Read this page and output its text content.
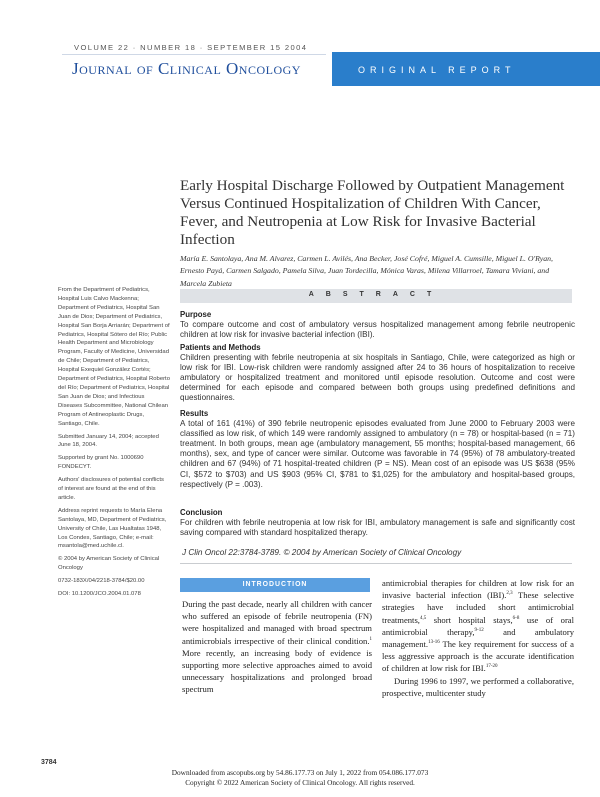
VOLUME 22 · NUMBER 18 · SEPTEMBER 15 2004
Journal of Clinical Oncology	ORIGINAL REPORT
Early Hospital Discharge Followed by Outpatient Management Versus Continued Hospitalization of Children With Cancer, Fever, and Neutropenia at Low Risk for Invasive Bacterial Infection
María E. Santolaya, Ana M. Alvarez, Carmen L. Avilés, Ana Becker, José Cofré, Miguel A. Cumsille, Miguel L. O'Ryan, Ernesto Payá, Carmen Salgado, Pamela Silva, Juan Tordecilla, Mónica Varas, Milena Villarroel, Tamara Viviani, and Marcela Zubieta
ABSTRACT
Purpose

To compare outcome and cost of ambulatory versus hospitalized management among febrile neutropenic children at low risk for invasive bacterial infection (IBI).

Patients and Methods

Children presenting with febrile neutropenia at six hospitals in Santiago, Chile, were categorized as high or low risk for IBI. Low-risk children were randomly assigned after 24 to 36 hours of hospitalization to receive ambulatory or hospitalized treatment and monitored until episode resolution. Outcome and cost were determined for each episode and compared between both groups using predefined definitions and questionnaires.

Results

A total of 161 (41%) of 390 febrile neutropenic episodes evaluated from June 2000 to February 2003 were classified as low risk, of which 149 were randomly assigned to ambulatory (n = 78) or hospital-based (n = 71) treatment. In both groups, mean age (ambulatory management, 55 months; hospital-based management, 66 months), sex, and type of cancer were similar. Outcome was favorable in 74 (95%) of 78 ambulatory-treated children and 67 (94%) of 71 hospital-treated children (P = NS). Mean cost of an episode was US $638 (95% CI, $572 to $703) and US $903 (95% CI, $781 to $1,025) for the ambulatory and hospital-based groups, respectively (P = .003).

Conclusion

For children with febrile neutropenia at low risk for IBI, ambulatory management is safe and significantly cost saving compared with standard hospitalized therapy.

J Clin Oncol 22:3784-3789. © 2004 by American Society of Clinical Oncology

From the Department of Pediatrics, Hospital Luis Calvo Mackenna; Department of Pediatrics, Hospital San Juan de Dios; Department of Pediatrics, Hospital San Borja Arriarán; Department of Pediatrics, Hospital Sótero del Río; Public Health Department and Microbiology Program, Faculty of Medicine, Universidad de Chile; Department of Pediatrics, Hospital Exequiel González Cortés; Department of Pediatrics, Hospital Roberto del Río; Department of Pediatrics, Hospital San Juan de Dios; and Infectious Diseases Subcommittee, National Chilean Program of Antineoplastic Drugs, Santiago, Chile.

Submitted January 14, 2004; accepted June 18, 2004.

Supported by grant No. 1000690 FONDECYT.

Authors' disclosures of potential conflicts of interest are found at the end of this article.

Address reprint requests to María Elena Santolaya, MD, Department of Pediatrics, University of Chile, Las Hualtatas 1948, Los Condes, Santiago, Chile; e-mail: msantola@med.uchile.cl.

© 2004 by American Society of Clinical Oncology

0732-183X/04/2218-3784/$20.00

DOI: 10.1200/JCO.2004.01.078

INTRODUCTION
During the past decade, nearly all children with cancer who suffered an episode of febrile neutropenia (FN) were hospitalized and managed with broad spectrum antimicrobials irrespective of their clinical condition.$^1$ More recently, an increasing body of evidence is supporting more selective approaches aimed to avoid unnecessary hospitalizations and prolonged broad spectrum

antimicrobial therapies for children at low risk for an invasive bacterial infection (IBI).$^{2,3}$ These selective strategies have included short antimicrobial treatments,$^{4,5}$ short hospital stays,$^{6-8}$ use of oral antimicrobial therapy,$^{9-12}$ and ambulatory management.$^{13-16}$ The key requirement for success of a less aggressive approach is the accurate identification of children at low risk for IBI.$^{17-20}$

During 1996 to 1997, we performed a collaborative, prospective, multicenter study

3784
Downloaded from ascopubs.org by 54.86.177.73 on July 1, 2022 from 054.086.177.073
Copyright © 2022 American Society of Clinical Oncology. All rights reserved.
